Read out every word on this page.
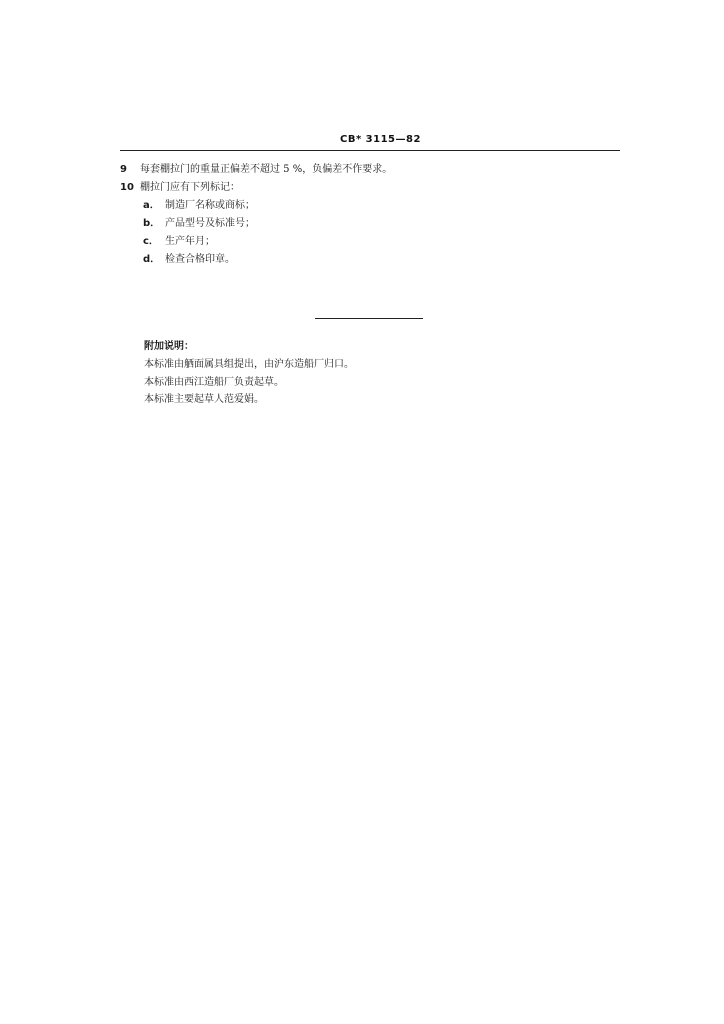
CB* 3115—82
9 每套棚拉门的重量正偏差不超过 5 %，负偏差不作要求。
10 棚拉门应有下列标记：
a． 制造厂名称或商标；
b． 产品型号及标准号；
c． 生产年月；
d． 检查合格印章。
附加说明：
本标准由舾面属具组提出，由沪东造船厂归口。
本标准由西江造船厂负责起草。
本标准主要起草人范爱娟。
